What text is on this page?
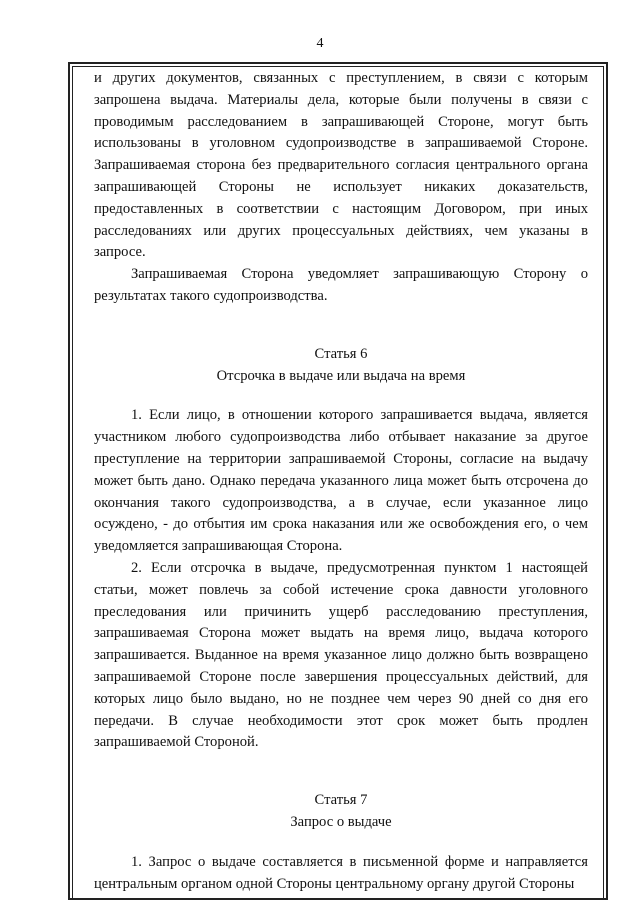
4

и других документов, связанных с преступлением, в связи с которым запрошена выдача. Материалы дела, которые были получены в связи с проводимым расследованием в запрашивающей Стороне, могут быть использованы в уголовном судопроизводстве в запрашиваемой Стороне. Запрашиваемая сторона без предварительного согласия центрального органа запрашивающей Стороны не использует никаких доказательств, предоставленных в соответствии с настоящим Договором, при иных расследованиях или других процессуальных действиях, чем указаны в запросе.

Запрашиваемая Сторона уведомляет запрашивающую Сторону о результатах такого судопроизводства.

Статья 6

Отсрочка в выдаче или выдача на время

1. Если лицо, в отношении которого запрашивается выдача, является участником любого судопроизводства либо отбывает наказание за другое преступление на территории запрашиваемой Стороны, согласие на выдачу может быть дано. Однако передача указанного лица может быть отсрочена до окончания такого судопроизводства, а в случае, если указанное лицо осуждено, - до отбытия им срока наказания или же освобождения его, о чем уведомляется запрашивающая Сторона.

2. Если отсрочка в выдаче, предусмотренная пунктом 1 настоящей статьи, может повлечь за собой истечение срока давности уголовного преследования или причинить ущерб расследованию преступления, запрашиваемая Сторона может выдать на время лицо, выдача которого запрашивается. Выданное на время указанное лицо должно быть возвращено запрашиваемой Стороне после завершения процессуальных действий, для которых лицо было выдано, но не позднее чем через 90 дней со дня его передачи. В случае необходимости этот срок может быть продлен запрашиваемой Стороной.

Статья 7

Запрос о выдаче

1. Запрос о выдаче составляется в письменной форме и направляется центральным органом одной Стороны центральному органу другой Стороны
